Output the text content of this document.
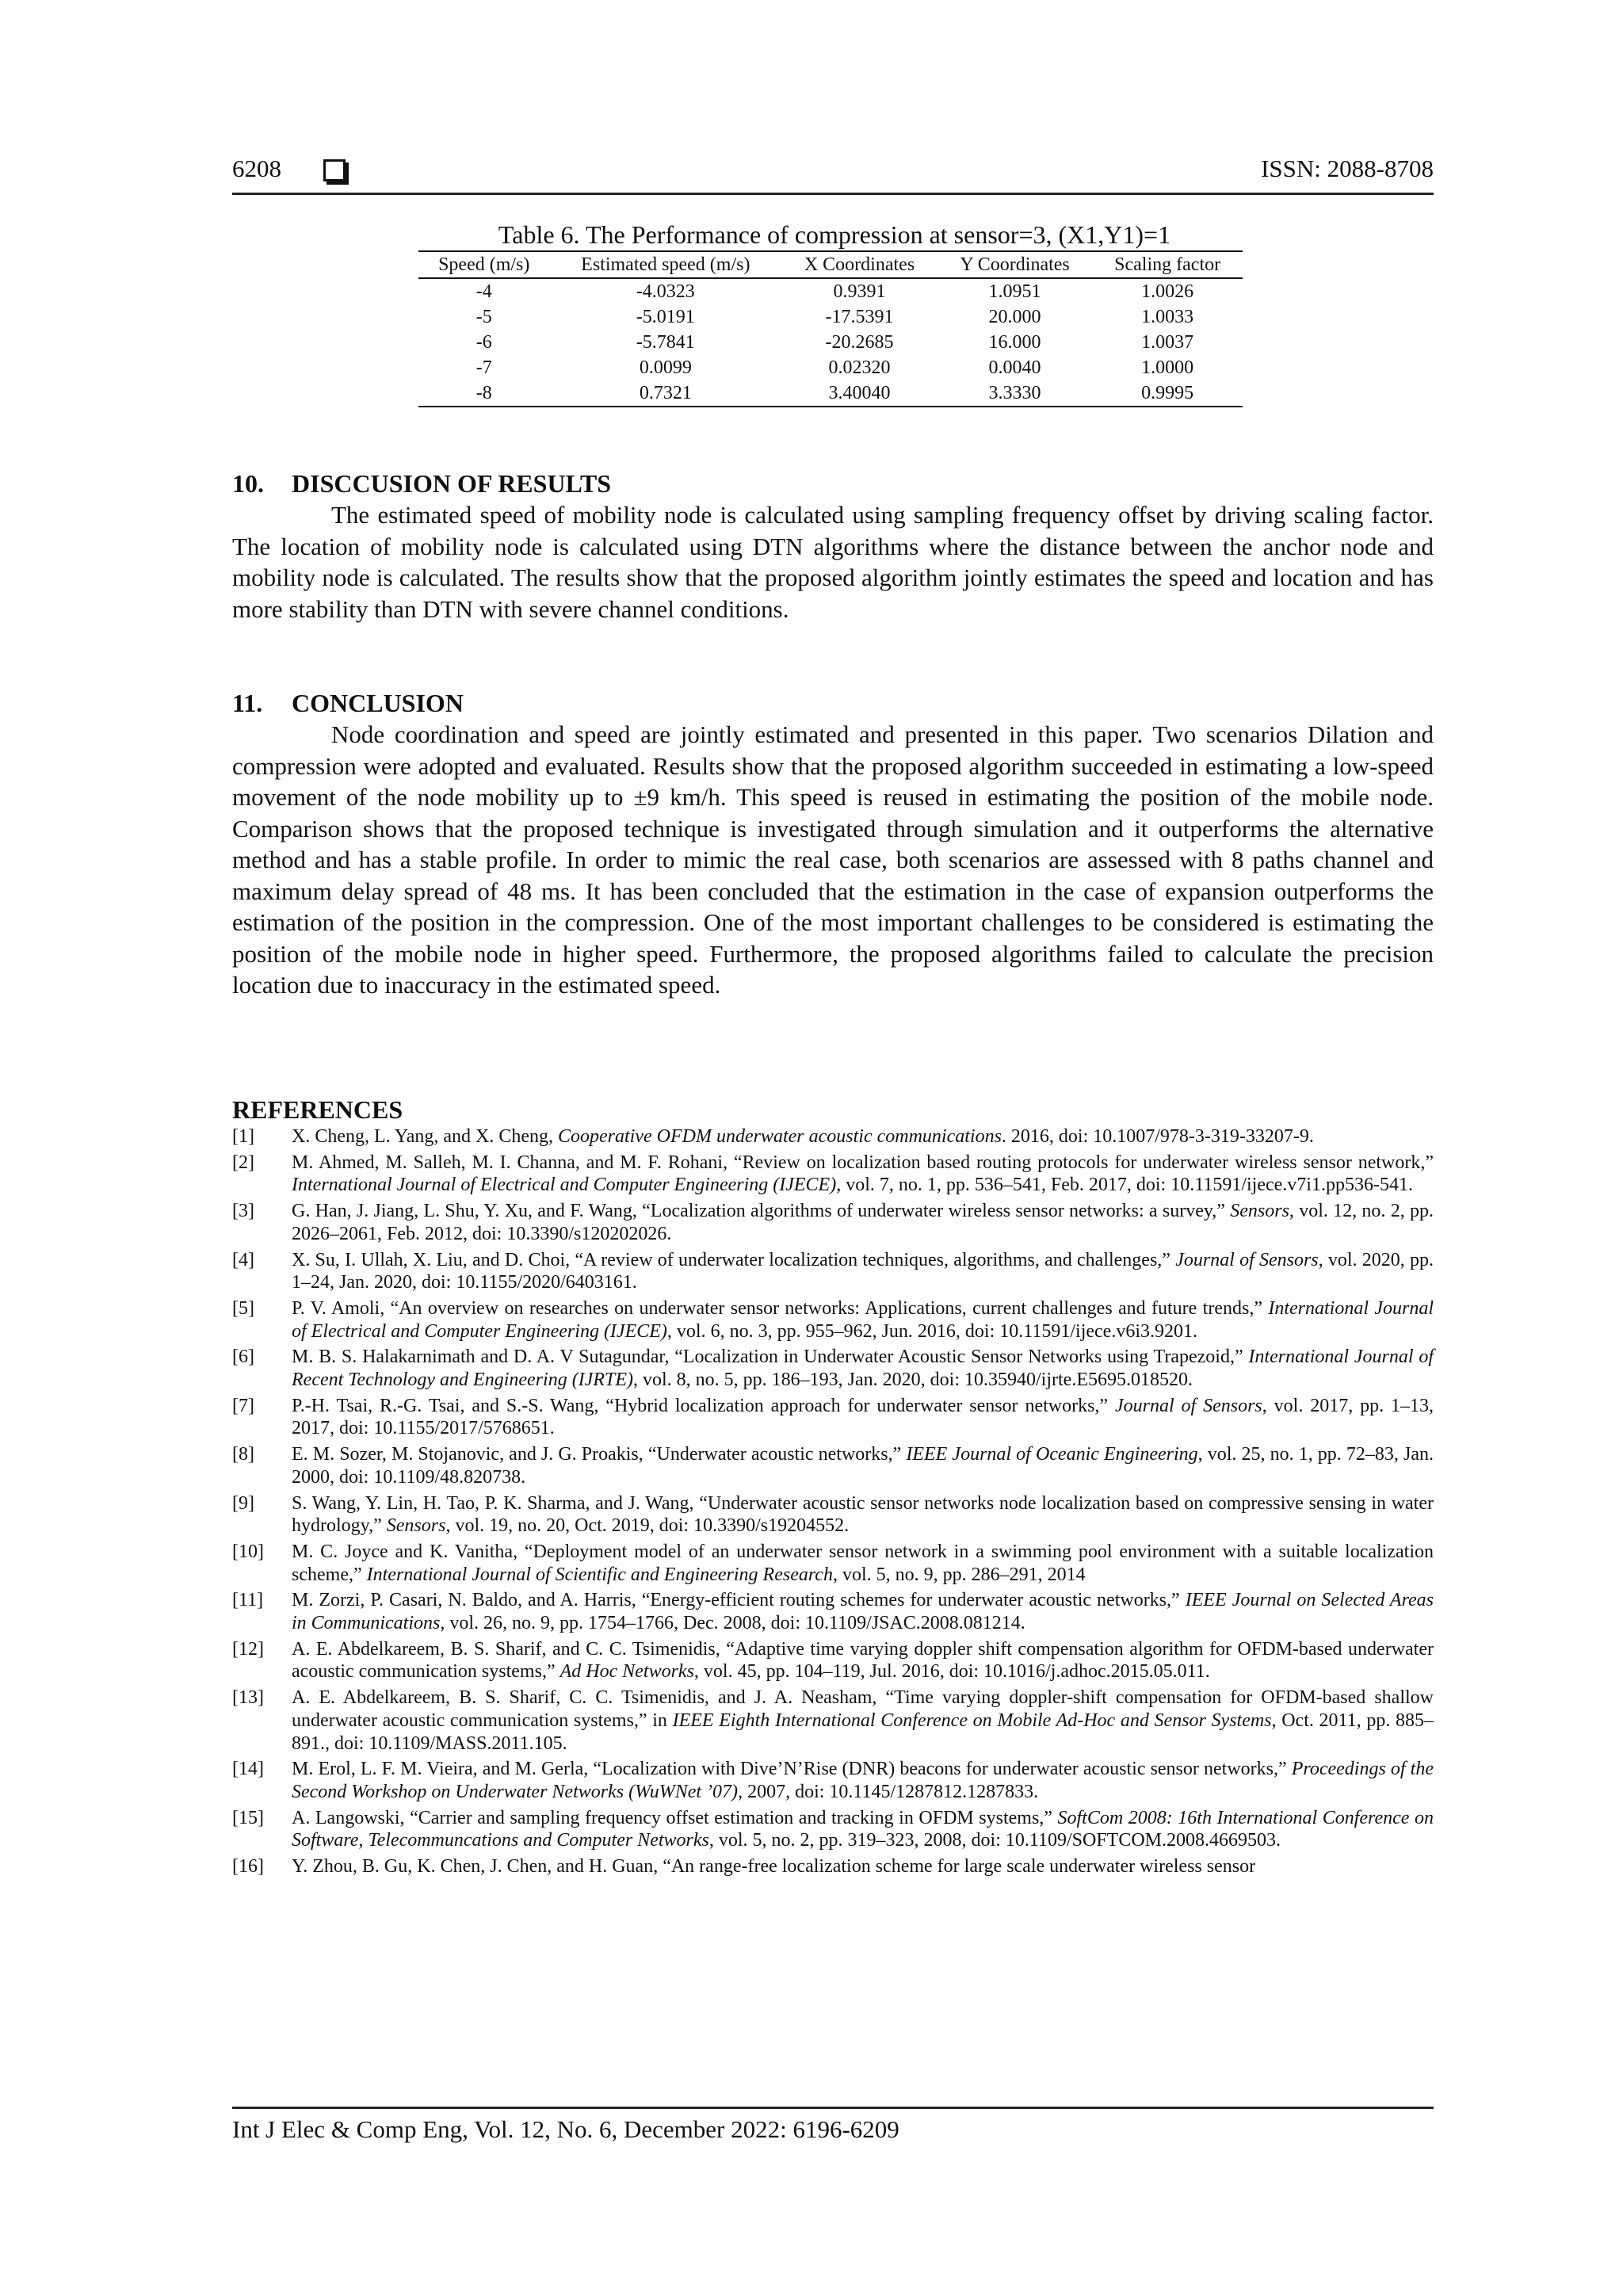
6208	ISSN: 2088-8708
Table 6. The Performance of compression at sensor=3, (X1,Y1)=1
Speed (m/s)	Estimated speed (m/s)	X Coordinates	Y Coordinates	Scaling factor
-4	-4.0323	0.9391	1.0951	1.0026
-5	-5.0191	-17.5391	20.000	1.0033
-6	-5.7841	-20.2685	16.000	1.0037
-7	0.0099	0.02320	0.0040	1.0000
-8	0.7321	3.40040	3.3330	0.9995
10. DISCCUSION OF RESULTS

The estimated speed of mobility node is calculated using sampling frequency offset by driving scaling factor. The location of mobility node is calculated using DTN algorithms where the distance between the anchor node and mobility node is calculated. The results show that the proposed algorithm jointly estimates the speed and location and has more stability than DTN with severe channel conditions.

11. CONCLUSION

Node coordination and speed are jointly estimated and presented in this paper. Two scenarios Dilation and compression were adopted and evaluated. Results show that the proposed algorithm succeeded in estimating a low-speed movement of the node mobility up to ±9 km/h. This speed is reused in estimating the position of the mobile node. Comparison shows that the proposed technique is investigated through simulation and it outperforms the alternative method and has a stable profile. In order to mimic the real case, both scenarios are assessed with 8 paths channel and maximum delay spread of 48 ms. It has been concluded that the estimation in the case of expansion outperforms the estimation of the position in the compression. One of the most important challenges to be considered is estimating the position of the mobile node in higher speed. Furthermore, the proposed algorithms failed to calculate the precision location due to inaccuracy in the estimated speed.

REFERENCES
[1]	X. Cheng, L. Yang, and X. Cheng, Cooperative OFDM underwater acoustic communications. 2016, doi: 10.1007/978-3-319-33207-9.
[2]	M. Ahmed, M. Salleh, M. I. Channa, and M. F. Rohani, “Review on localization based routing protocols for underwater wireless sensor network,” International Journal of Electrical and Computer Engineering (IJECE), vol. 7, no. 1, pp. 536–541, Feb. 2017, doi: 10.11591/ijece.v7i1.pp536-541.
[3]	G. Han, J. Jiang, L. Shu, Y. Xu, and F. Wang, “Localization algorithms of underwater wireless sensor networks: a survey,” Sensors, vol. 12, no. 2, pp. 2026–2061, Feb. 2012, doi: 10.3390/s120202026.
[4]	X. Su, I. Ullah, X. Liu, and D. Choi, “A review of underwater localization techniques, algorithms, and challenges,” Journal of Sensors, vol. 2020, pp. 1–24, Jan. 2020, doi: 10.1155/2020/6403161.
[5]	P. V. Amoli, “An overview on researches on underwater sensor networks: Applications, current challenges and future trends,” International Journal of Electrical and Computer Engineering (IJECE), vol. 6, no. 3, pp. 955–962, Jun. 2016, doi: 10.11591/ijece.v6i3.9201.
[6]	M. B. S. Halakarnimath and D. A. V Sutagundar, “Localization in Underwater Acoustic Sensor Networks using Trapezoid,” International Journal of Recent Technology and Engineering (IJRTE), vol. 8, no. 5, pp. 186–193, Jan. 2020, doi: 10.35940/ijrte.E5695.018520.
[7]	P.-H. Tsai, R.-G. Tsai, and S.-S. Wang, “Hybrid localization approach for underwater sensor networks,” Journal of Sensors, vol. 2017, pp. 1–13, 2017, doi: 10.1155/2017/5768651.
[8]	E. M. Sozer, M. Stojanovic, and J. G. Proakis, “Underwater acoustic networks,” IEEE Journal of Oceanic Engineering, vol. 25, no. 1, pp. 72–83, Jan. 2000, doi: 10.1109/48.820738.
[9]	S. Wang, Y. Lin, H. Tao, P. K. Sharma, and J. Wang, “Underwater acoustic sensor networks node localization based on compressive sensing in water hydrology,” Sensors, vol. 19, no. 20, Oct. 2019, doi: 10.3390/s19204552.
[10]	M. C. Joyce and K. Vanitha, “Deployment model of an underwater sensor network in a swimming pool environment with a suitable localization scheme,” International Journal of Scientific and Engineering Research, vol. 5, no. 9, pp. 286–291, 2014
[11]	M. Zorzi, P. Casari, N. Baldo, and A. Harris, “Energy-efficient routing schemes for underwater acoustic networks,” IEEE Journal on Selected Areas in Communications, vol. 26, no. 9, pp. 1754–1766, Dec. 2008, doi: 10.1109/JSAC.2008.081214.
[12]	A. E. Abdelkareem, B. S. Sharif, and C. C. Tsimenidis, “Adaptive time varying doppler shift compensation algorithm for OFDM-based underwater acoustic communication systems,” Ad Hoc Networks, vol. 45, pp. 104–119, Jul. 2016, doi: 10.1016/j.adhoc.2015.05.011.
[13]	A. E. Abdelkareem, B. S. Sharif, C. C. Tsimenidis, and J. A. Neasham, “Time varying doppler-shift compensation for OFDM-based shallow underwater acoustic communication systems,” in IEEE Eighth International Conference on Mobile Ad-Hoc and Sensor Systems, Oct. 2011, pp. 885–891., doi: 10.1109/MASS.2011.105.
[14]	M. Erol, L. F. M. Vieira, and M. Gerla, “Localization with Dive’N’Rise (DNR) beacons for underwater acoustic sensor networks,” Proceedings of the Second Workshop on Underwater Networks (WuWNet ’07), 2007, doi: 10.1145/1287812.1287833.
[15]	A. Langowski, “Carrier and sampling frequency offset estimation and tracking in OFDM systems,” SoftCom 2008: 16th International Conference on Software, Telecommuncations and Computer Networks, vol. 5, no. 2, pp. 319–323, 2008, doi: 10.1109/SOFTCOM.2008.4669503.
[16]	Y. Zhou, B. Gu, K. Chen, J. Chen, and H. Guan, “An range-free localization scheme for large scale underwater wireless sensor
Int J Elec & Comp Eng, Vol. 12, No. 6, December 2022: 6196-6209
